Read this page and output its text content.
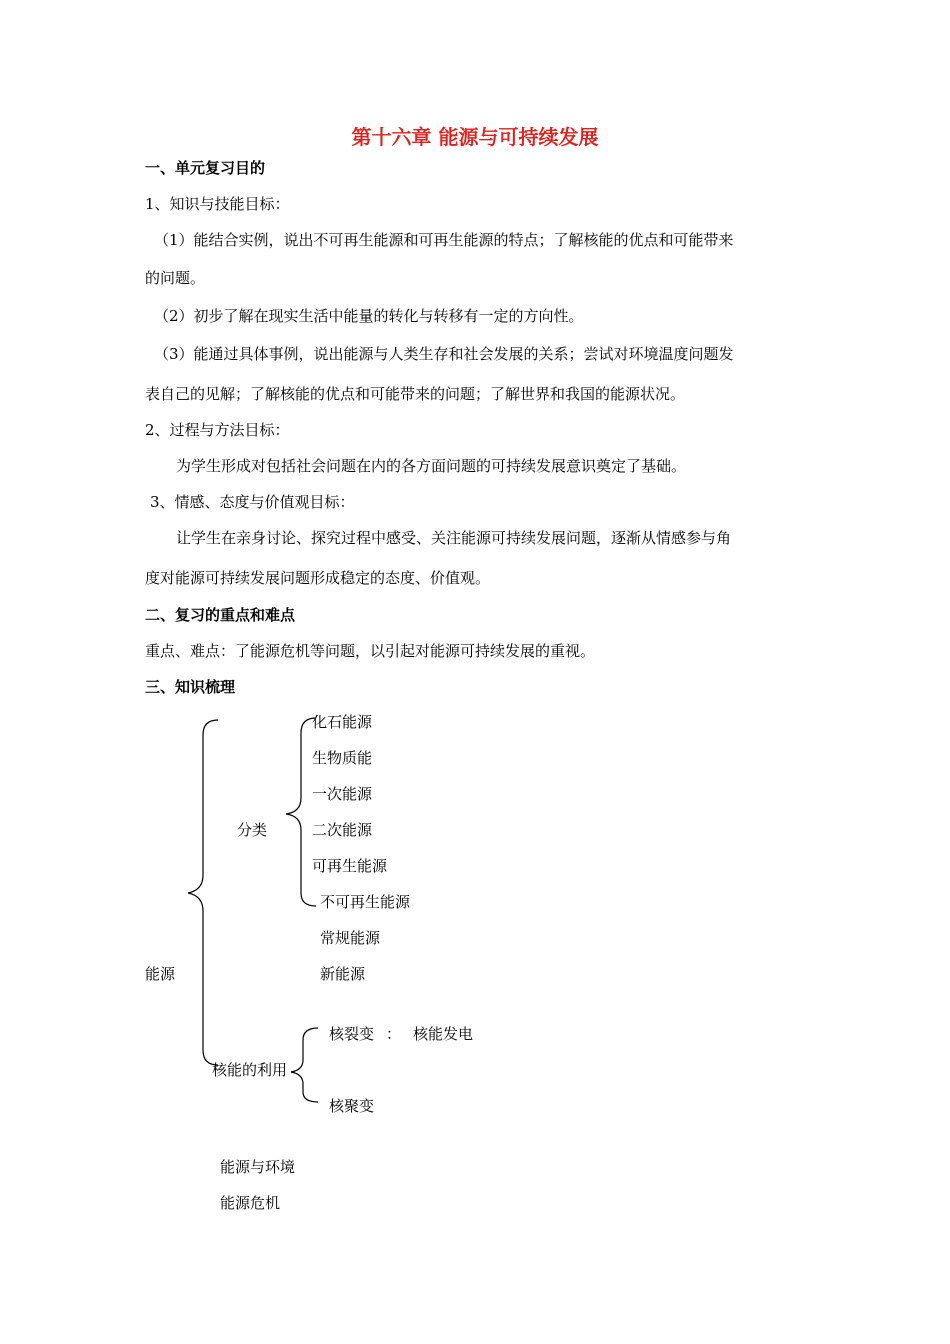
第十六章 能源与可持续发展
一、单元复习目的
1、知识与技能目标：
（1）能结合实例，说出不可再生能源和可再生能源的特点；了解核能的优点和可能带来
的问题。
（2）初步了解在现实生活中能量的转化与转移有一定的方向性。
（3）能通过具体事例，说出能源与人类生存和社会发展的关系；尝试对环境温度问题发
表自己的见解；了解核能的优点和可能带来的问题；了解世界和我国的能源状况。
2、过程与方法目标：
为学生形成对包括社会问题在内的各方面问题的可持续发展意识奠定了基础。
3、情感、态度与价值观目标：
让学生在亲身讨论、探究过程中感受、关注能源可持续发展问题，逐渐从情感参与角
度对能源可持续发展问题形成稳定的态度、价值观。
二、复习的重点和难点
重点、难点：了能源危机等问题，以引起对能源可持续发展的重视。
三、知识梳理
能源
分类
化石能源
生物质能
一次能源
二次能源
可再生能源
不可再生能源
常规能源
新能源
核能的利用
核裂变 ： 核能发电
核聚变
能源与环境
能源危机
